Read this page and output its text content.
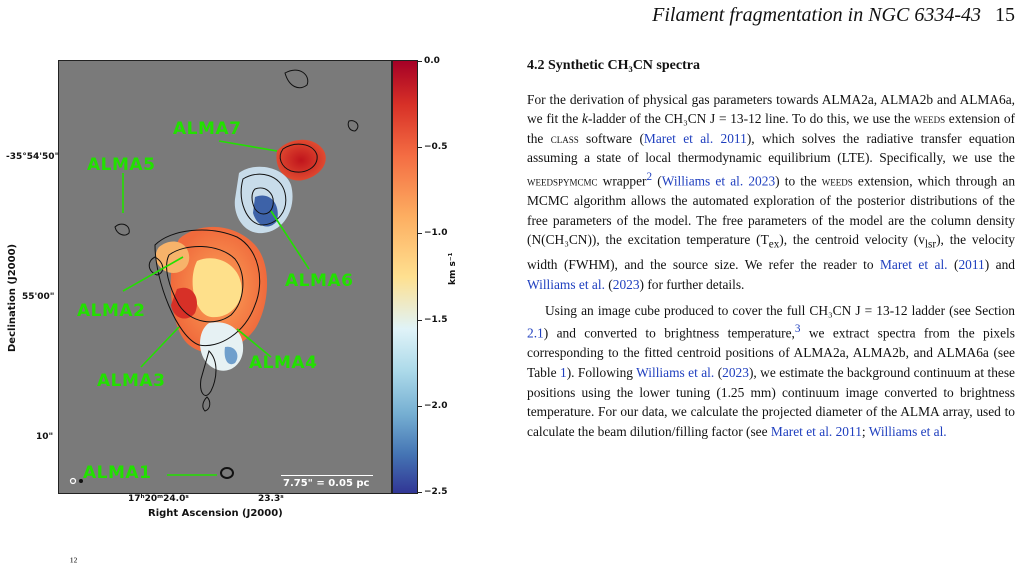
Filament fragmentation in NGC 6334-43 15
ALMA7
ALMA5
ALMA6
ALMA2
ALMA4
ALMA3
ALMA1
7.75" = 0.05 pc
-35°54'50"
55'00"
10"
17ʰ20ᵐ24.0ˢ	23.3ˢ
Right Ascension (J2000)
Declination (J2000)
0.0
−0.5
−1.0
−1.5
−2.0
−2.5
km s⁻¹
¹²
4.2 Synthetic CH₃CN spectra

For the derivation of physical gas parameters towards ALMA2a, ALMA2b and ALMA6a, we fit the k-ladder of the CH₃CN J = 13-12 line. To do this, we use the weeds extension of the class software (Maret et al. 2011), which solves the radiative transfer equation assuming a state of local thermodynamic equilibrium (LTE). Specifically, we use the weedspymcmc wrapper$^2$ (Williams et al. 2023) to the weeds extension, which through an MCMC algorithm allows the automated exploration of the posterior distributions of the free parameters of the model. The free parameters of the model are the column density (N(CH₃CN)), the excitation temperature $(T_{ex})$, the centroid velocity $(v_{lsr})$, the velocity width (FWHM), and the source size. We refer the reader to Maret et al. (2011) and Williams et al. (2023) for further details.

Using an image cube produced to cover the full CH₃CN J = 13-12 ladder (see Section 2.1) and converted to brightness temperature,$^3$ we extract spectra from the pixels corresponding to the fitted centroid positions of ALMA2a, ALMA2b, and ALMA6a (see Table 1). Following Williams et al. (2023), we estimate the background continuum at these positions using the lower tuning (1.25 mm) continuum image converted to brightness temperature. For our data, we calculate the projected diameter of the ALMA array, used to calculate the beam dilution/filling factor (see Maret et al. 2011; Williams et al.
